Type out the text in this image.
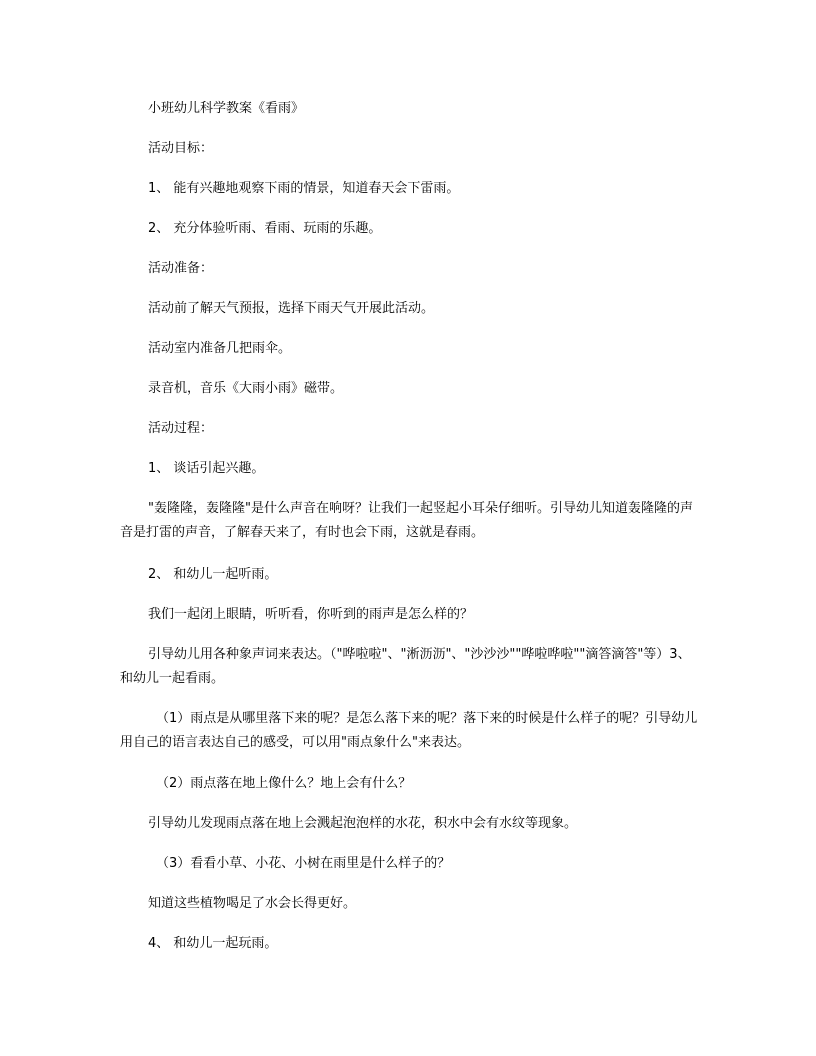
小班幼儿科学教案《看雨》
活动目标：
1、 能有兴趣地观察下雨的情景，知道春天会下雷雨。
2、 充分体验听雨、看雨、玩雨的乐趣。
活动准备：
活动前了解天气预报，选择下雨天气开展此活动。
活动室内准备几把雨伞。
录音机，音乐《大雨小雨》磁带。
活动过程：
1、 谈话引起兴趣。

"轰隆隆，轰隆隆"是什么声音在响呀？让我们一起竖起小耳朵仔细听。引导幼儿知道轰隆隆的声音是打雷的声音，了解春天来了，有时也会下雨，这就是春雨。

2、 和幼儿一起听雨。
我们一起闭上眼睛，听听看，你听到的雨声是怎么样的？

引导幼儿用各种象声词来表达。（"哗啦啦"、"淅沥沥"、"沙沙沙""哗啦哗啦""滴答滴答"等）3、 和幼儿一起看雨。

（1）雨点是从哪里落下来的呢？是怎么落下来的呢？落下来的时候是什么样子的呢？引导幼儿用自己的语言表达自己的感受，可以用"雨点象什么"来表达。

（2）雨点落在地上像什么？地上会有什么？
引导幼儿发现雨点落在地上会溅起泡泡样的水花，积水中会有水纹等现象。
（3）看看小草、小花、小树在雨里是什么样子的？
知道这些植物喝足了水会长得更好。
4、 和幼儿一起玩雨。
